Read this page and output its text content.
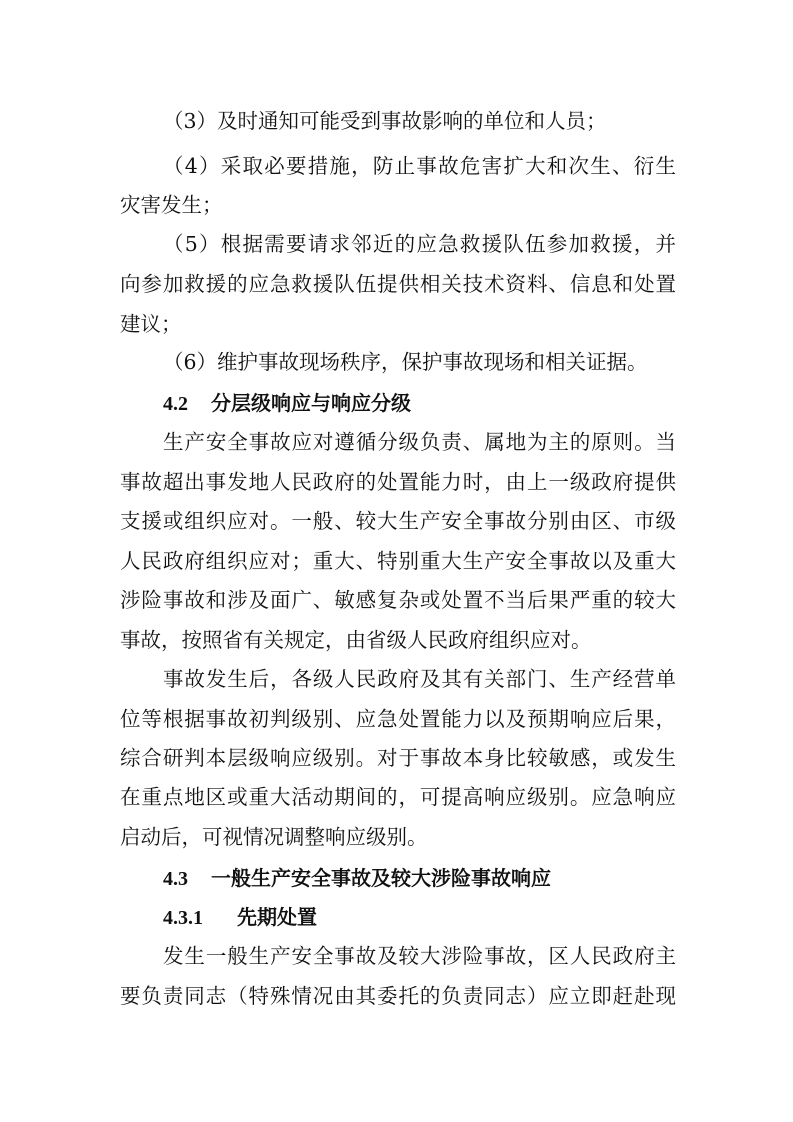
（3）及时通知可能受到事故影响的单位和人员；
（4）采取必要措施，防止事故危害扩大和次生、衍生
灾害发生；
（5）根据需要请求邻近的应急救援队伍参加救援，并
向参加救援的应急救援队伍提供相关技术资料、信息和处置
建议；
（6）维护事故现场秩序，保护事故现场和相关证据。
4.2 分层级响应与响应分级
生产安全事故应对遵循分级负责、属地为主的原则。当
事故超出事发地人民政府的处置能力时，由上一级政府提供
支援或组织应对。一般、较大生产安全事故分别由区、市级
人民政府组织应对；重大、特别重大生产安全事故以及重大
涉险事故和涉及面广、敏感复杂或处置不当后果严重的较大
事故，按照省有关规定，由省级人民政府组织应对。
事故发生后，各级人民政府及其有关部门、生产经营单
位等根据事故初判级别、应急处置能力以及预期响应后果，
综合研判本层级响应级别。对于事故本身比较敏感，或发生
在重点地区或重大活动期间的，可提高响应级别。应急响应
启动后，可视情况调整响应级别。
4.3 一般生产安全事故及较大涉险事故响应
4.3.1 先期处置
发生一般生产安全事故及较大涉险事故，区人民政府主
要负责同志（特殊情况由其委托的负责同志）应立即赶赴现
